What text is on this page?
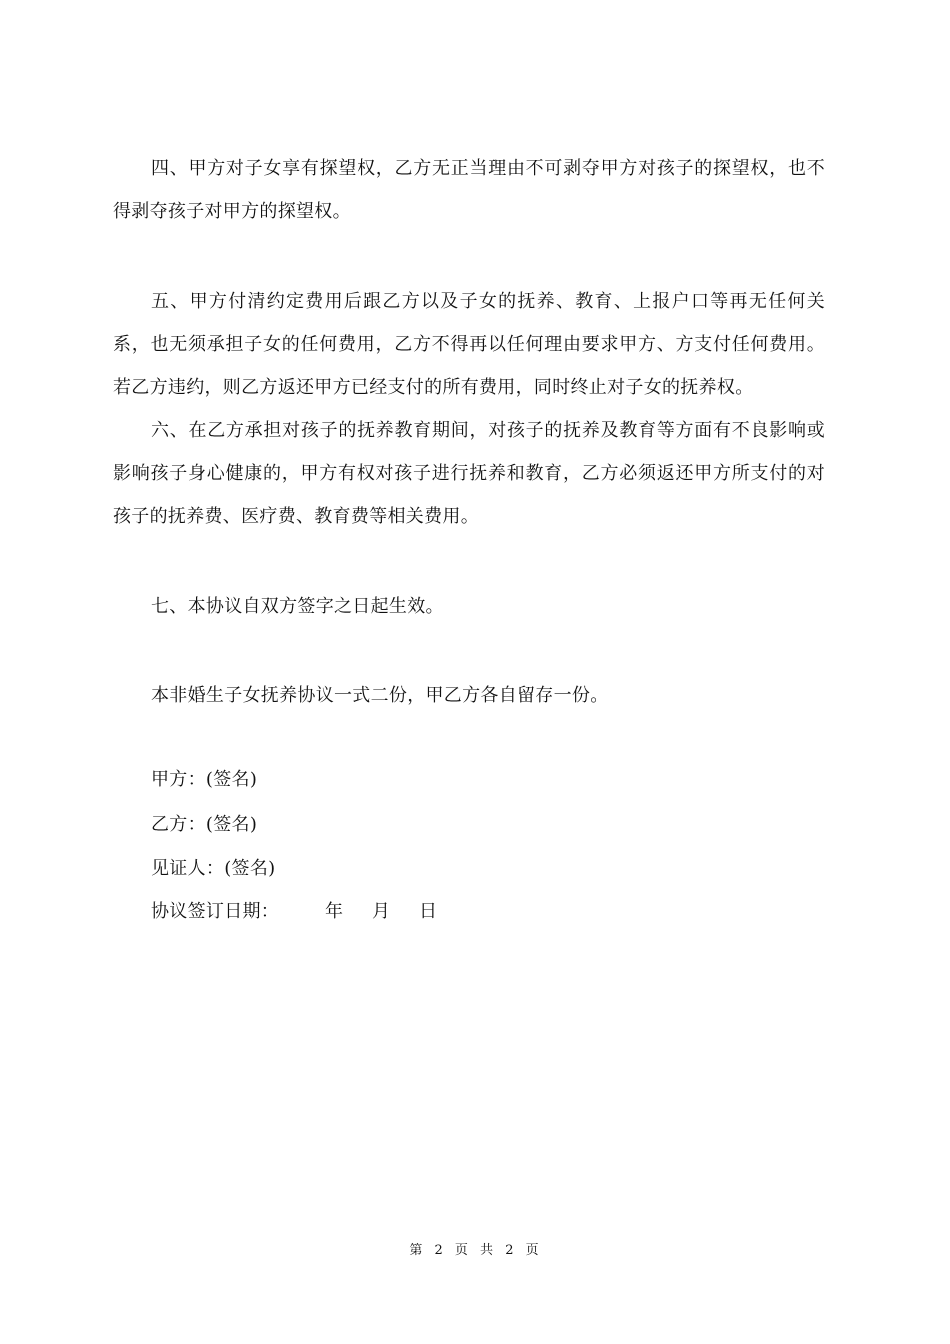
四、甲方对子女享有探望权，乙方无正当理由不可剥夺甲方对孩子的探望权，也不得剥夺孩子对甲方的探望权。

五、甲方付清约定费用后跟乙方以及子女的抚养、教育、上报户口等再无任何关系，也无须承担子女的任何费用，乙方不得再以任何理由要求甲方、方支付任何费用。若乙方违约，则乙方返还甲方已经支付的所有费用，同时终止对子女的抚养权。

六、在乙方承担对孩子的抚养教育期间，对孩子的抚养及教育等方面有不良影响或影响孩子身心健康的，甲方有权对孩子进行抚养和教育，乙方必须返还甲方所支付的对孩子的抚养费、医疗费、教育费等相关费用。

七、本协议自双方签字之日起生效。

本非婚生子女抚养协议一式二份，甲乙方各自留存一份。

甲方：(签名)
乙方：(签名)
见证人：(签名)
协议签订日期：	年 月 日
第 2 页 共 2 页
